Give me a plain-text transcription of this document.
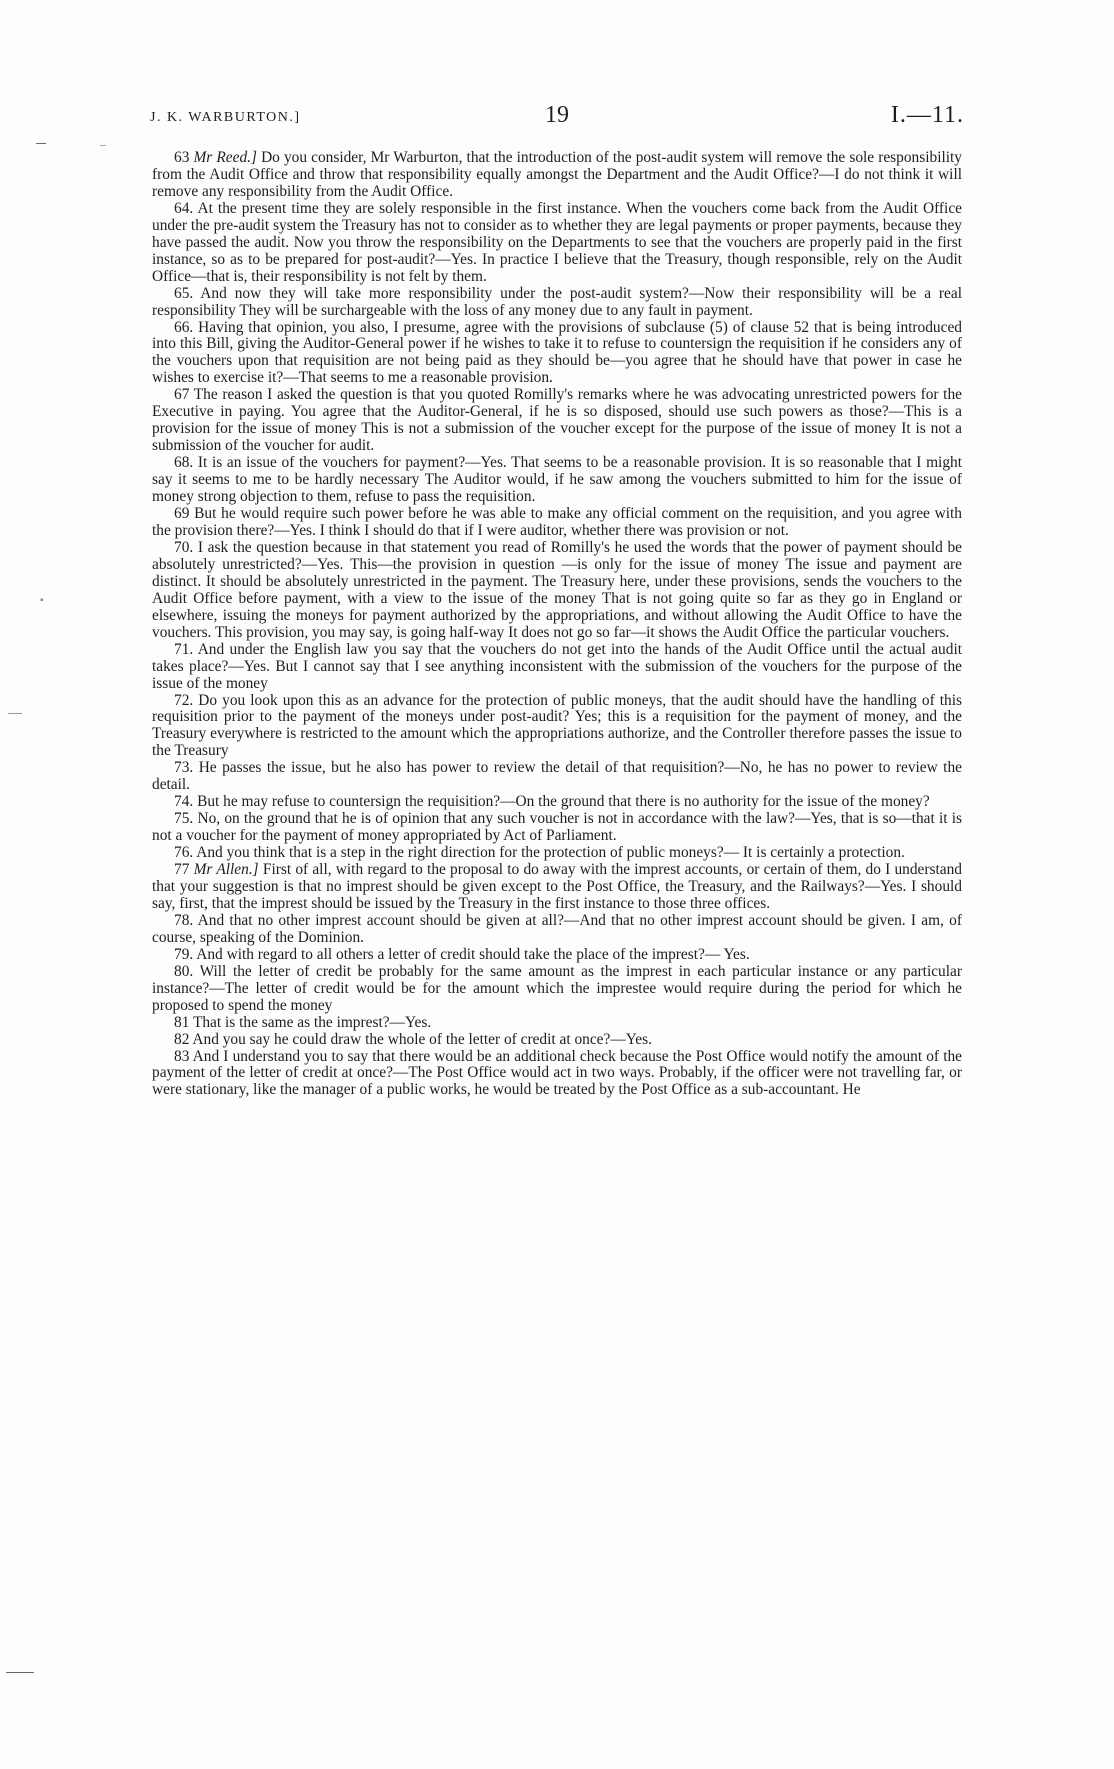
▪
J. K. WARBURTON.]	19	I.—11.

63 Mr Reed.] Do you consider, Mr Warburton, that the introduction of the post-audit system will remove the sole responsibility from the Audit Office and throw that responsibility equally amongst the Department and the Audit Office?—I do not think it will remove any responsibility from the Audit Office.

64. At the present time they are solely responsible in the first instance. When the vouchers come back from the Audit Office under the pre-audit system the Treasury has not to consider as to whether they are legal payments or proper payments, because they have passed the audit. Now you throw the responsibility on the Departments to see that the vouchers are properly paid in the first instance, so as to be prepared for post-audit?—Yes. In practice I believe that the Treasury, though responsible, rely on the Audit Office—that is, their responsibility is not felt by them.

65. And now they will take more responsibility under the post-audit system?—Now their responsibility will be a real responsibility They will be surchargeable with the loss of any money due to any fault in payment.

66. Having that opinion, you also, I presume, agree with the provisions of subclause (5) of clause 52 that is being introduced into this Bill, giving the Auditor-General power if he wishes to take it to refuse to countersign the requisition if he considers any of the vouchers upon that requisition are not being paid as they should be—you agree that he should have that power in case he wishes to exercise it?—That seems to me a reasonable provision.

67 The reason I asked the question is that you quoted Romilly's remarks where he was advocating unrestricted powers for the Executive in paying. You agree that the Auditor-General, if he is so disposed, should use such powers as those?—This is a provision for the issue of money This is not a submission of the voucher except for the purpose of the issue of money It is not a submission of the voucher for audit.

68. It is an issue of the vouchers for payment?—Yes. That seems to be a reasonable provision. It is so reasonable that I might say it seems to me to be hardly necessary The Auditor would, if he saw among the vouchers submitted to him for the issue of money strong objection to them, refuse to pass the requisition.

69 But he would require such power before he was able to make any official comment on the requisition, and you agree with the provision there?—Yes. I think I should do that if I were auditor, whether there was provision or not.

70. I ask the question because in that statement you read of Romilly's he used the words that the power of payment should be absolutely unrestricted?—Yes. This—the provision in question —is only for the issue of money The issue and payment are distinct. It should be absolutely unrestricted in the payment. The Treasury here, under these provisions, sends the vouchers to the Audit Office before payment, with a view to the issue of the money That is not going quite so far as they go in England or elsewhere, issuing the moneys for payment authorized by the appropriations, and without allowing the Audit Office to have the vouchers. This provision, you may say, is going half-way It does not go so far—it shows the Audit Office the particular vouchers.

71. And under the English law you say that the vouchers do not get into the hands of the Audit Office until the actual audit takes place?—Yes. But I cannot say that I see anything inconsistent with the submission of the vouchers for the purpose of the issue of the money

72. Do you look upon this as an advance for the protection of public moneys, that the audit should have the handling of this requisition prior to the payment of the moneys under post-audit? Yes; this is a requisition for the payment of money, and the Treasury everywhere is restricted to the amount which the appropriations authorize, and the Controller therefore passes the issue to the Treasury

73. He passes the issue, but he also has power to review the detail of that requisition?—No, he has no power to review the detail.

74. But he may refuse to countersign the requisition?—On the ground that there is no authority for the issue of the money?

75. No, on the ground that he is of opinion that any such voucher is not in accordance with the law?—Yes, that is so—that it is not a voucher for the payment of money appropriated by Act of Parliament.

76. And you think that is a step in the right direction for the protection of public moneys?— It is certainly a protection.

77 Mr Allen.] First of all, with regard to the proposal to do away with the imprest accounts, or certain of them, do I understand that your suggestion is that no imprest should be given except to the Post Office, the Treasury, and the Railways?—Yes. I should say, first, that the imprest should be issued by the Treasury in the first instance to those three offices.

78. And that no other imprest account should be given at all?—And that no other imprest account should be given. I am, of course, speaking of the Dominion.

79. And with regard to all others a letter of credit should take the place of the imprest?— Yes.

80. Will the letter of credit be probably for the same amount as the imprest in each particular instance or any particular instance?—The letter of credit would be for the amount which the imprestee would require during the period for which he proposed to spend the money

81 That is the same as the imprest?—Yes.

82 And you say he could draw the whole of the letter of credit at once?—Yes.

83 And I understand you to say that there would be an additional check because the Post Office would notify the amount of the payment of the letter of credit at once?—The Post Office would act in two ways. Probably, if the officer were not travelling far, or were stationary, like the manager of a public works, he would be treated by the Post Office as a sub-accountant. He
